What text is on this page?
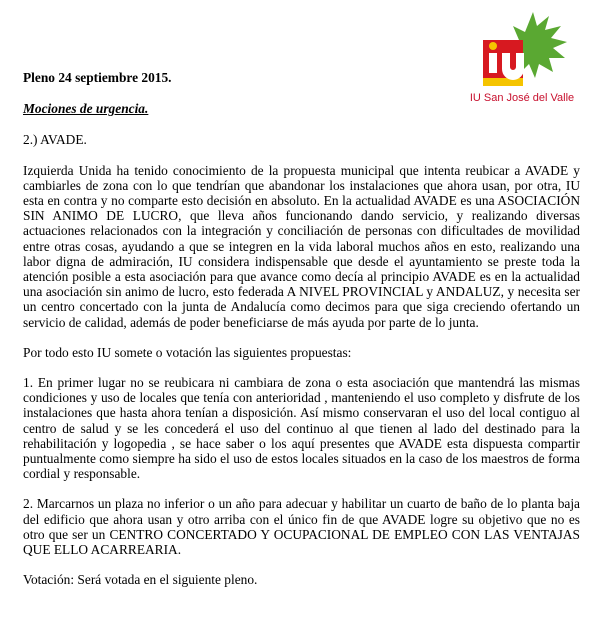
IU San José del Valle

Pleno 24 septiembre 2015.

Mociones de urgencia.

2.) AVADE.

Izquierda Unida ha tenido conocimiento de la propuesta municipal que intenta reubicar a AVADE y cambiarles de zona con lo que tendrían que abandonar los instalaciones que ahora usan, por otra, IU esta en contra y no comparte esto decisión en absoluto. En la actualidad AVADE es una ASOCIACIÓN SIN ANIMO DE LUCRO, que lleva años funcionando dando servicio, y realizando diversas actuaciones relacionados con la integración y conciliación de personas con dificultades de movilidad entre otras cosas, ayudando a que se integren en la vida laboral muchos años en esto, realizando una labor digna de admiración, IU considera indispensable que desde el ayuntamiento se preste toda la atención posible a esta asociación para que avance como decía al principio AVADE es en la actualidad una asociación sin animo de lucro, esto federada A NIVEL PROVINCIAL y ANDALUZ, y necesita ser un centro concertado con la junta de Andalucía como decimos para que siga creciendo ofertando un servicio de calidad, además de poder beneficiarse de más ayuda por parte de lo junta.

Por todo esto IU somete o votación las siguientes propuestas:

1. En primer lugar no se reubicara ni cambiara de zona o esta asociación que mantendrá las mismas condiciones y uso de locales que tenía con anterioridad , manteniendo el uso completo y disfrute de los instalaciones que hasta ahora tenían a disposición. Así mismo conservaran el uso del local contiguo al centro de salud y se les concederá el uso del continuo al que tienen al lado del destinado para la rehabilitación y logopedia , se hace saber o los aquí presentes que AVADE esta dispuesta compartir puntualmente como siempre ha sido el uso de estos locales situados en la caso de los maestros de forma cordial y responsable.

2. Marcarnos un plaza no inferior o un año para adecuar y habilitar un cuarto de baño de lo planta baja del edificio que ahora usan y otro arriba con el único fin de que AVADE logre su objetivo que no es otro que ser un CENTRO CONCERTADO Y OCUPACIONAL DE EMPLEO CON LAS VENTAJAS QUE ELLO ACARREARIA.

Votación: Será votada en el siguiente pleno.
